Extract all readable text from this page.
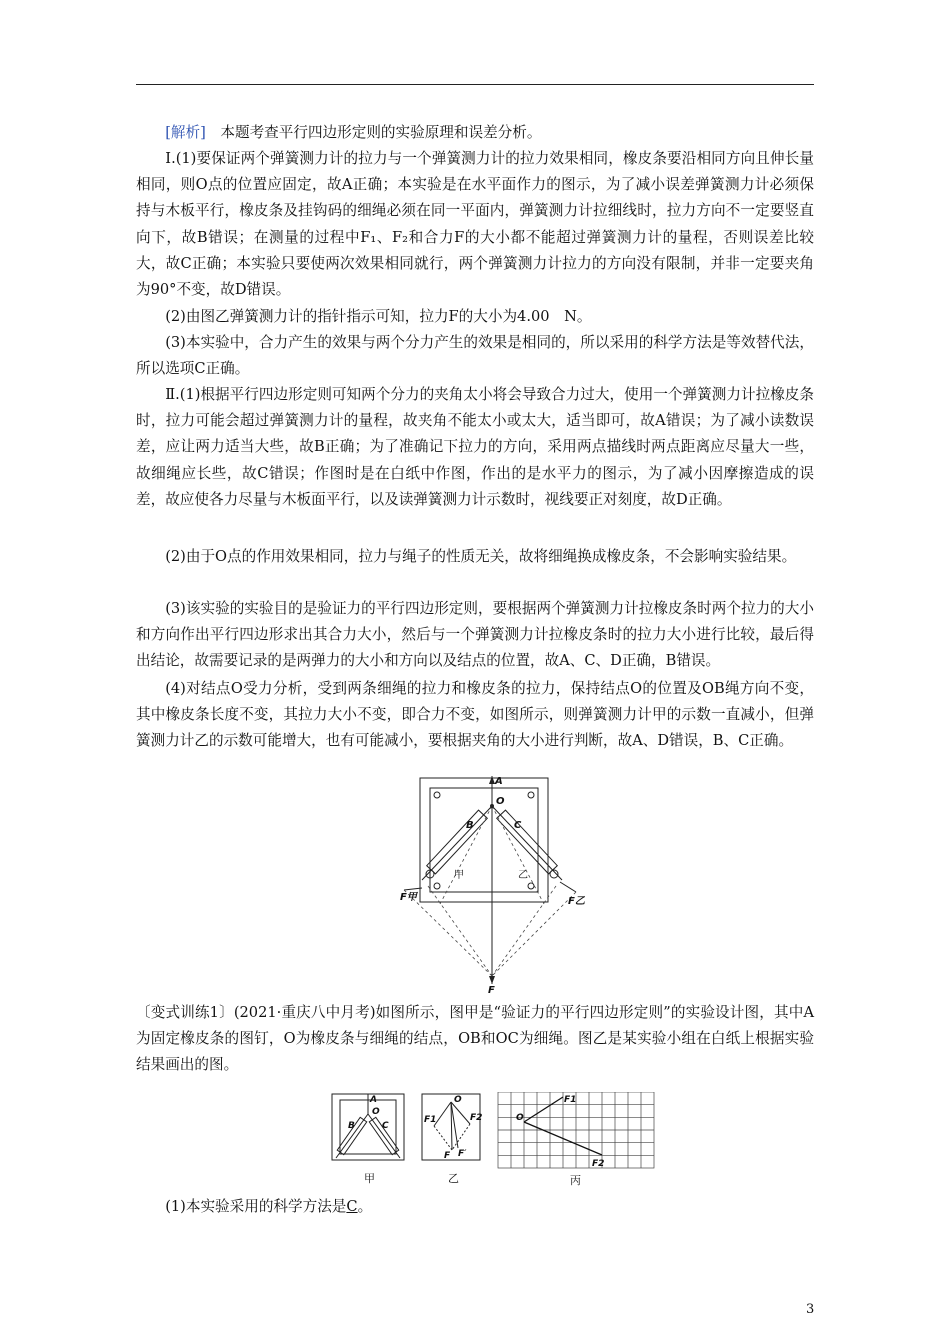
[解析]　 本题考查平行四边形定则的实验原理和误差分析。

Ⅰ.(1)要保证两个弹簧测力计的拉力与一个弹簧测力计的拉力效果相同，橡皮条要沿相同方向且伸长量相同，则O点的位置应固定，故A正确；本实验是在水平面作力的图示，为了减小误差弹簧测力计必须保持与木板平行，橡皮条及挂钩码的细绳必须在同一平面内，弹簧测力计拉细线时，拉力方向不一定要竖直向下，故B错误；在测量的过程中F₁、F₂和合力F的大小都不能超过弹簧测力计的量程，否则误差比较大，故C正确；本实验只要使两次效果相同就行，两个弹簧测力计拉力的方向没有限制，并非一定要夹角为90°不变，故D错误。

(2)由图乙弹簧测力计的指针指示可知，拉力F的大小为4.00　N。

(3)本实验中，合力产生的效果与两个分力产生的效果是相同的，所以采用的科学方法是等效替代法，所以选项C正确。

Ⅱ.(1)根据平行四边形定则可知两个分力的夹角太小将会导致合力过大，使用一个弹簧测力计拉橡皮条时，拉力可能会超过弹簧测力计的量程，故夹角不能太小或太大，适当即可，故A错误；为了减小读数误差，应让两力适当大些，故B正确；为了准确记下拉力的方向，采用两点描线时两点距离应尽量大一些，故细绳应长些，故C错误；作图时是在白纸中作图，作出的是水平力的图示，为了减小因摩擦造成的误差，故应使各力尽量与木板面平行，以及读弹簧测力计示数时，视线要正对刻度，故D正确。

(2)由于O点的作用效果相同，拉力与绳子的性质无关，故将细绳换成橡皮条，不会影响实验结果。

(3)该实验的实验目的是验证力的平行四边形定则，要根据两个弹簧测力计拉橡皮条时两个拉力的大小和方向作出平行四边形求出其合力大小，然后与一个弹簧测力计拉橡皮条时的拉力大小进行比较，最后得出结论，故需要记录的是两弹力的大小和方向以及结点的位置，故A、C、D正确，B错误。

(4)对结点O受力分析，受到两条细绳的拉力和橡皮条的拉力，保持结点O的位置及OB绳方向不变，其中橡皮条长度不变，其拉力大小不变，即合力不变，如图所示，则弹簧测力计甲的示数一直减小，但弹簧测力计乙的示数可能增大，也有可能减小，要根据夹角的大小进行判断，故A、D错误，B、C正确。

A
O
B	C
甲	乙
F甲	F乙
F

〔变式训练1〕(2021·重庆八中月考)如图所示，图甲是“验证力的平行四边形定则”的实验设计图，其中A为固定橡皮条的图钉，O为橡皮条与细绳的结点，OB和OC为细绳。图乙是某实验小组在白纸上根据实验结果画出的图。

A
O
B	C
甲
O
F1	F2
F F′
乙
O
F1
F2
丙

(1)本实验采用的科学方法是C。

3
